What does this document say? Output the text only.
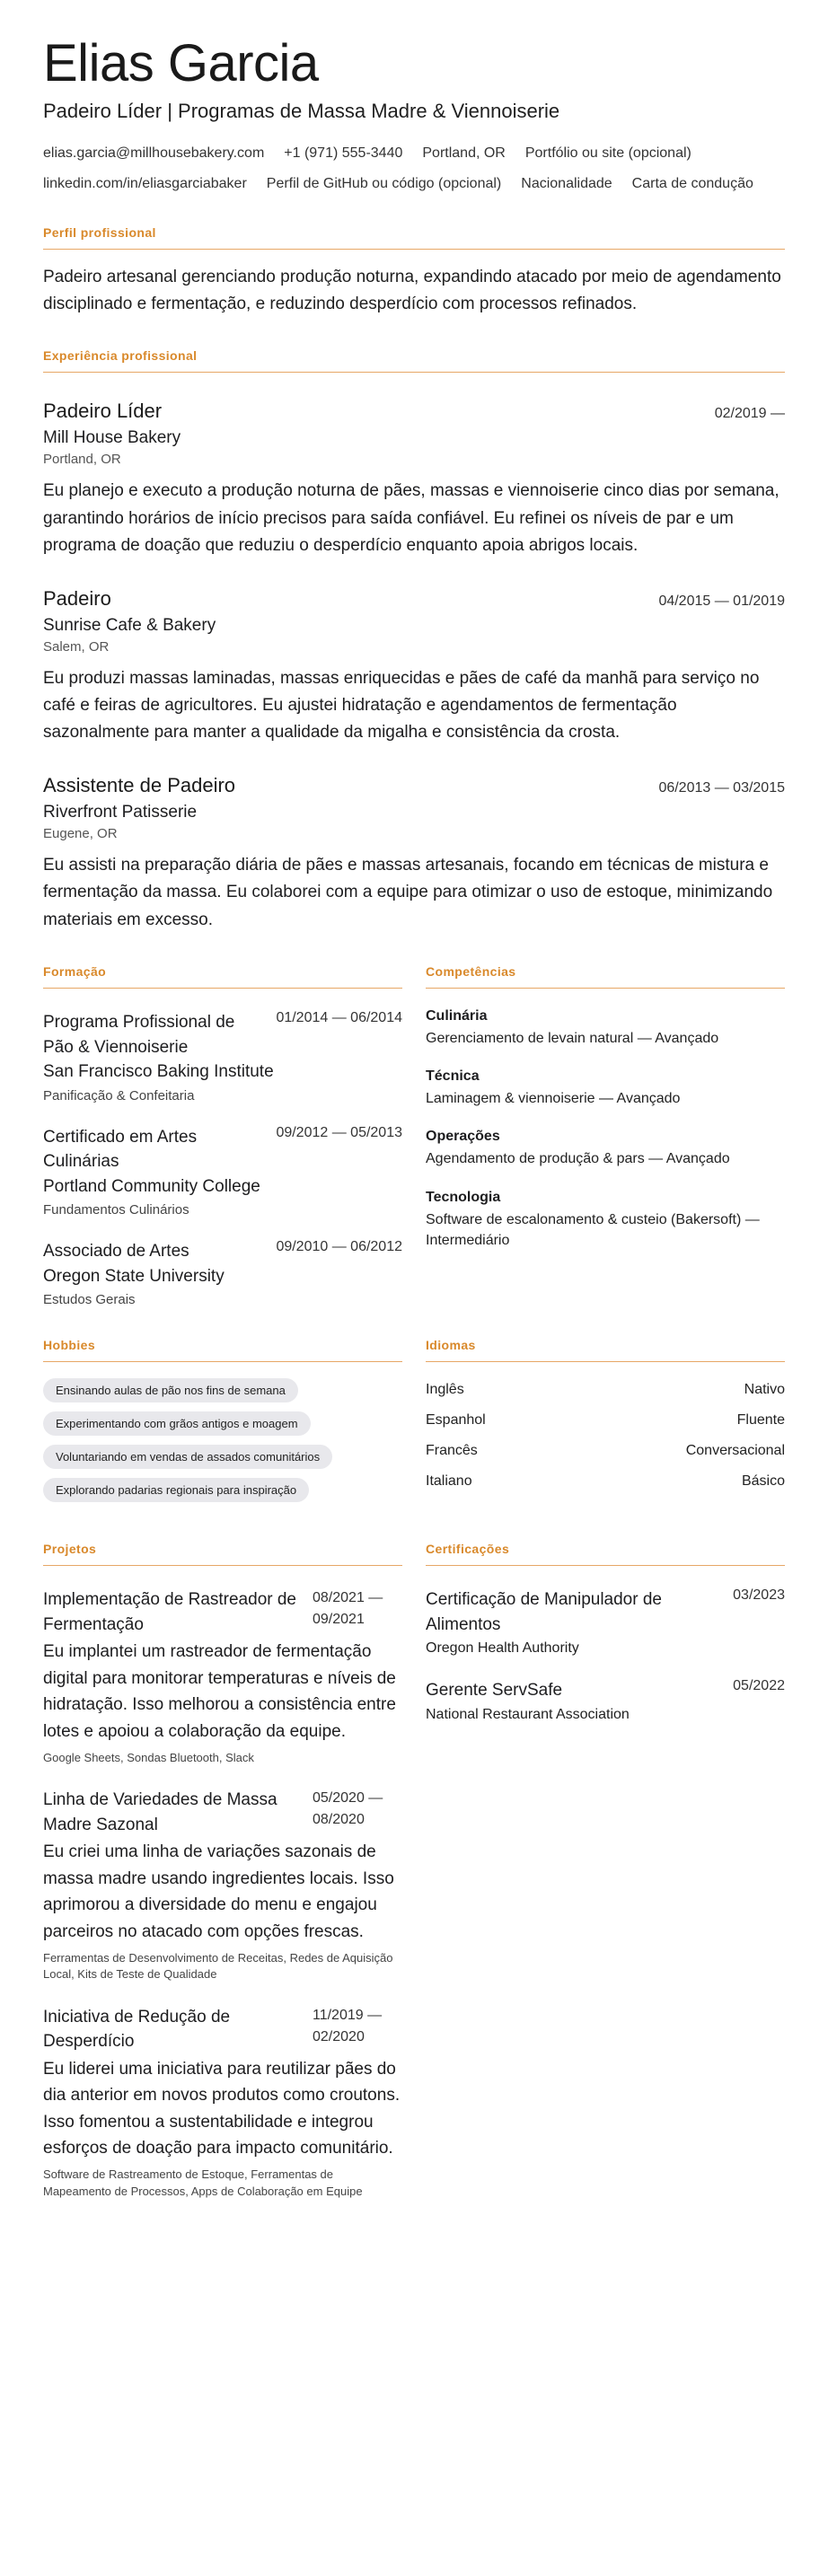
Elias Garcia
Padeiro Líder | Programas de Massa Madre & Viennoiserie
elias.garcia@millhousebakery.com +1 (971) 555-3440 Portland, OR Portfólio ou site (opcional)
linkedin.com/in/eliasgarciabaker Perfil de GitHub ou código (opcional) Nacionalidade Carta de condução
Perfil profissional
Padeiro artesanal gerenciando produção noturna, expandindo atacado por meio de agendamento disciplinado e fermentação, e reduzindo desperdício com processos refinados.
Experiência profissional
Padeiro Líder	02/2019 —
Mill House Bakery
Portland, OR
Eu planejo e executo a produção noturna de pães, massas e viennoiserie cinco dias por semana, garantindo horários de início precisos para saída confiável. Eu refinei os níveis de par e um programa de doação que reduziu o desperdício enquanto apoia abrigos locais.
Padeiro	04/2015 — 01/2019
Sunrise Cafe & Bakery
Salem, OR
Eu produzi massas laminadas, massas enriquecidas e pães de café da manhã para serviço no café e feiras de agricultores. Eu ajustei hidratação e agendamentos de fermentação sazonalmente para manter a qualidade da migalha e consistência da crosta.
Assistente de Padeiro	06/2013 — 03/2015
Riverfront Patisserie
Eugene, OR
Eu assisti na preparação diária de pães e massas artesanais, focando em técnicas de mistura e fermentação da massa. Eu colaborei com a equipe para otimizar o uso de estoque, minimizando materiais em excesso.
Formação
Programa Profissional de Pão & Viennoiserie
01/2014 — 06/2014
San Francisco Baking Institute
Panificação & Confeitaria
Certificado em Artes Culinárias
09/2012 — 05/2013
Portland Community College
Fundamentos Culinários
Associado de Artes	09/2010 — 06/2012
Oregon State University
Estudos Gerais
Competências
Culinária
Gerenciamento de levain natural — Avançado
Técnica
Laminagem & viennoiserie — Avançado
Operações
Agendamento de produção & pars — Avançado
Tecnologia
Software de escalonamento & custeio (Bakersoft) — Intermediário
Hobbies
Ensinando aulas de pão nos fins de semana
Experimentando com grãos antigos e moagem
Voluntariando em vendas de assados comunitários
Explorando padarias regionais para inspiração
Idiomas
Inglês	Nativo
Espanhol	Fluente
Francês	Conversacional
Italiano	Básico
Projetos
Implementação de Rastreador de Fermentação
08/2021 — 09/2021
Eu implantei um rastreador de fermentação digital para monitorar temperaturas e níveis de hidratação. Isso melhorou a consistência entre lotes e apoiou a colaboração da equipe.
Google Sheets, Sondas Bluetooth, Slack
Linha de Variedades de Massa Madre Sazonal
05/2020 — 08/2020
Eu criei uma linha de variações sazonais de massa madre usando ingredientes locais. Isso aprimorou a diversidade do menu e engajou parceiros no atacado com opções frescas.
Ferramentas de Desenvolvimento de Receitas, Redes de Aquisição Local, Kits de Teste de Qualidade
Iniciativa de Redução de Desperdício
11/2019 — 02/2020
Eu liderei uma iniciativa para reutilizar pães do dia anterior em novos produtos como croutons. Isso fomentou a sustentabilidade e integrou esforços de doação para impacto comunitário.
Software de Rastreamento de Estoque, Ferramentas de Mapeamento de Processos, Apps de Colaboração em Equipe
Certificações
Certificação de Manipulador de Alimentos
03/2023
Oregon Health Authority
Gerente ServSafe	05/2022
National Restaurant Association
